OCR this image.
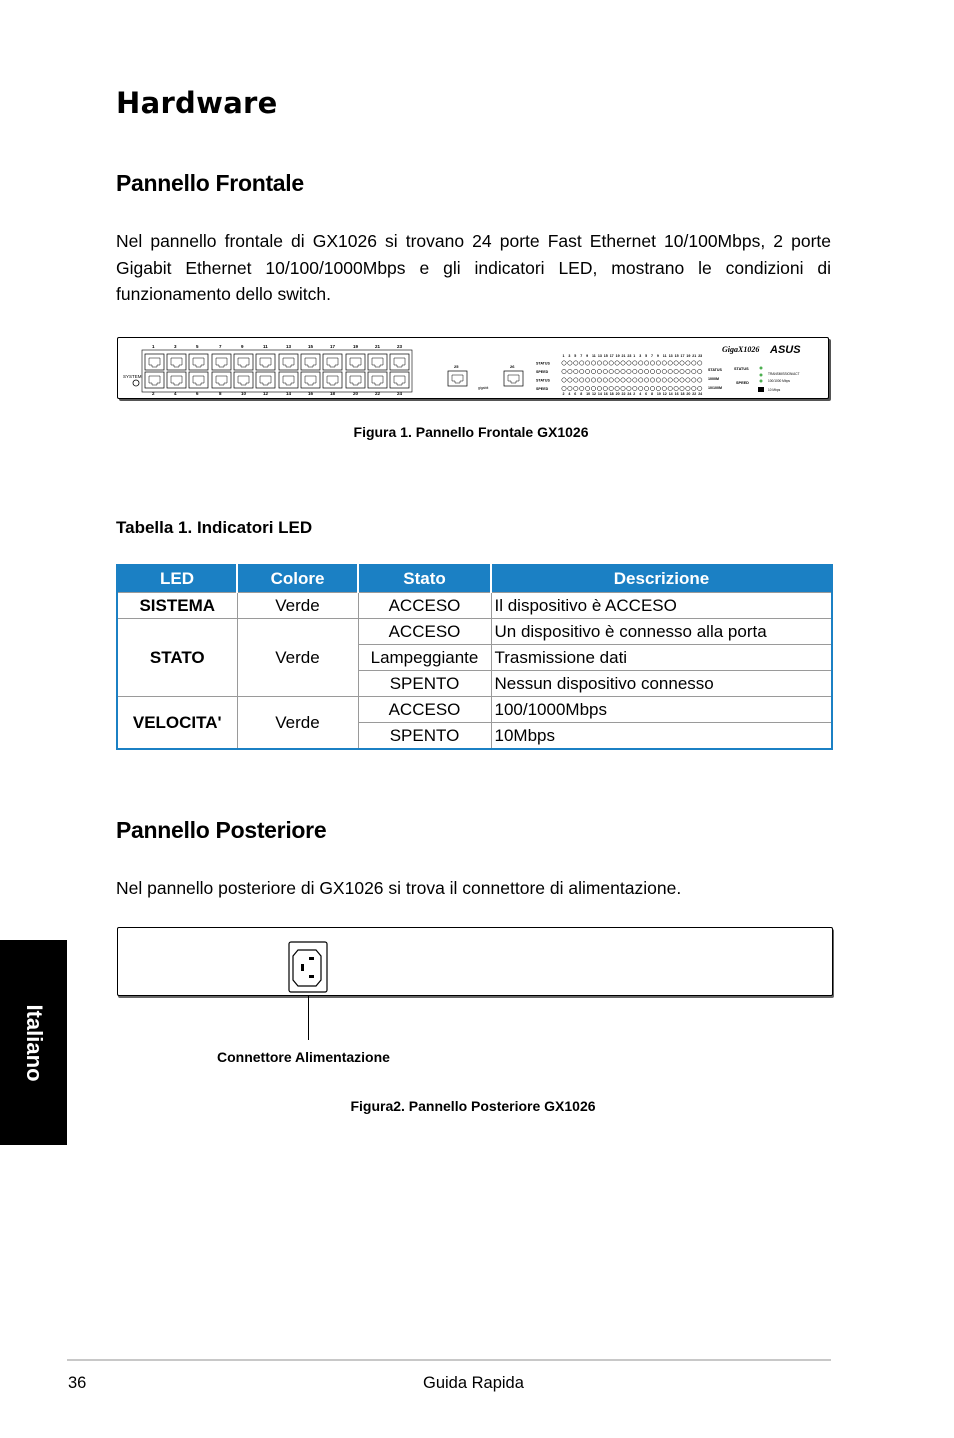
Hardware
Pannello Frontale

Nel pannello frontale di GX1026 si trovano 24 porte Fast Ethernet 10/100Mbps, 2 porte Gigabit Ethernet 10/100/1000Mbps e gli indicatori LED, mostrano le condizioni di funzionamento dello switch.

SYSTEM
1	3	5	7	9	11	13	15	17	19	21	23
2	4	6	8	10	12	14	16	18	20	22	24
25	26
gigabit
STATUS
SPEED
STATUS
SPEED
1 3 5 7 9 11 13 15 17 19 21 23 1 3 5 7 9 11 13 15 17 19 21 23
2 4 6 8 10 12 14 16 18 20 22 24 2 4 6 8 10 12 14 16 18 20 22 24
STATUS
1000M
10/100M
GigaX1026 ASUS
STATUS
SPEED
TRANSMISSION/ACT
100/1000 Mbps
10 Mbps
Figura 1. Pannello Frontale GX1026
Tabella 1. Indicatori LED
LED	Colore	Stato	Descrizione
SISTEMA	Verde	ACCESO	Il dispositivo è ACCESO
STATO	Verde	ACCESO	Un dispositivo è connesso alla porta
		Lampeggiante	Trasmissione dati
		SPENTO	Nessun dispositivo connesso
VELOCITA'	Verde	ACCESO	100/1000Mbps
		SPENTO	10Mbps
Pannello Posteriore

Nel pannello posteriore di GX1026 si trova il connettore di alimentazione.

Connettore Alimentazione
Figura2. Pannello Posteriore GX1026
Italiano
36	Guida Rapida
